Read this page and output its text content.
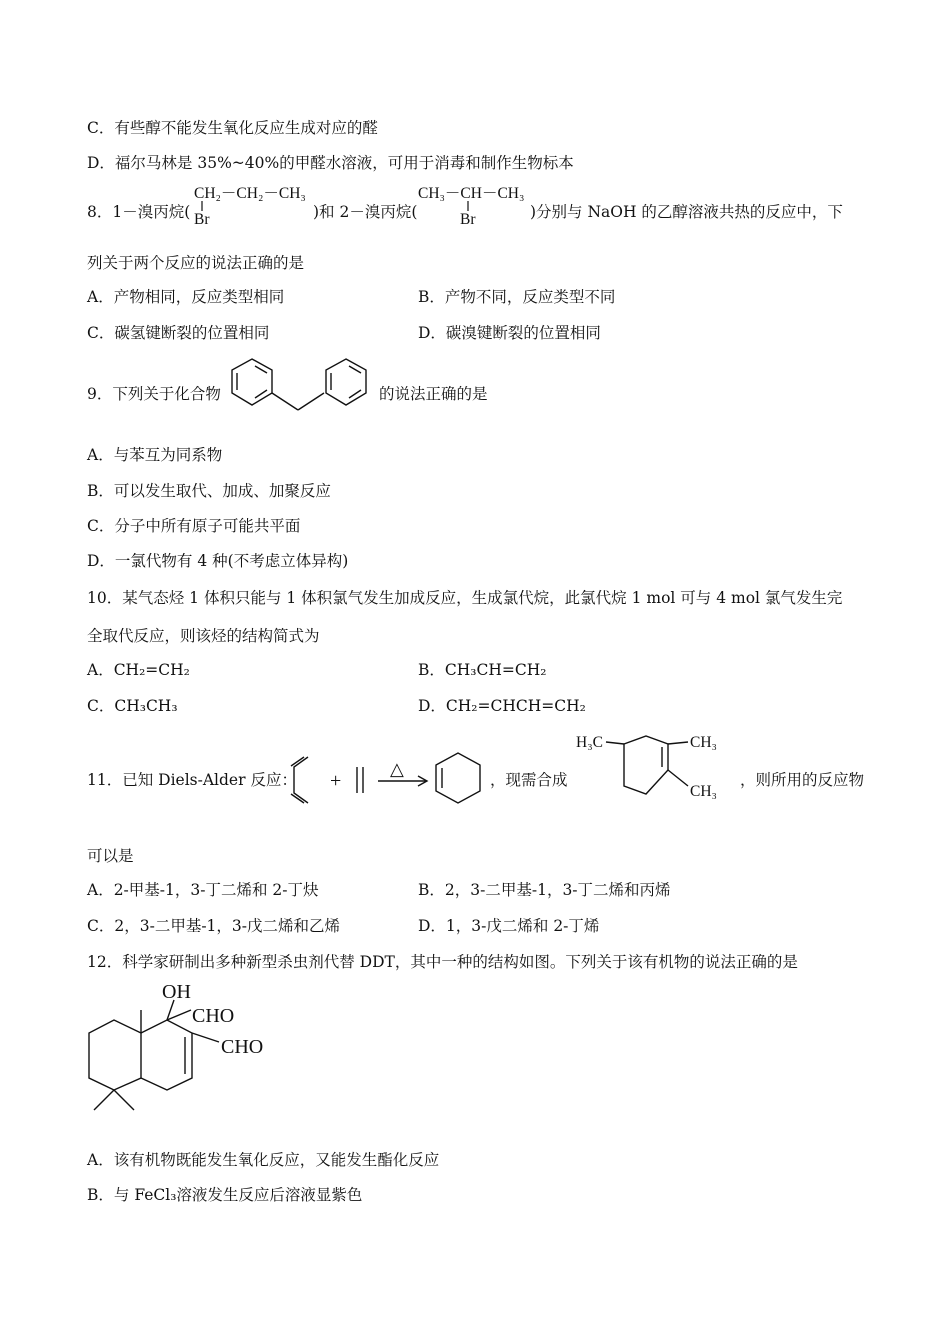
C．有些醇不能发生氧化反应生成对应的醛
D．福尔马林是 35%~40%的甲醛水溶液，可用于消毒和制作生物标本
8．1－溴丙烷(
CH₂－CH₂－CH₃
Br	)和 2－溴丙烷(
CH₃－CH－CH₃
Br	)分别与 NaOH 的乙醇溶液共热的反应中，下
列关于两个反应的说法正确的是
A．产物相同，反应类型相同	B．产物不同，反应类型不同
C．碳氢键断裂的位置相同	D．碳溴键断裂的位置相同
9．下列关于化合物	的说法正确的是
A．与苯互为同系物
B．可以发生取代、加成、加聚反应
C．分子中所有原子可能共平面
D．一氯代物有 4 种(不考虑立体异构)
10．某气态烃 1 体积只能与 1 体积氯气发生加成反应，生成氯代烷，此氯代烷 1 mol 可与 4 mol 氯气发生完
全取代反应，则该烃的结构简式为
A．CH₂=CH₂	B．CH₃CH=CH₂
C．CH₃CH₃	D．CH₂=CHCH=CH₂
11．已知 Diels-Alder 反应： +
△
，现需合成
H₃C	CH₃
CH₃
，则所用的反应物
可以是
A．2-甲基-1，3-丁二烯和 2-丁炔	B．2，3-二甲基-1，3-丁二烯和丙烯
C．2，3-二甲基-1，3-戊二烯和乙烯	D．1，3-戊二烯和 2-丁烯
12．科学家研制出多种新型杀虫剂代替 DDT，其中一种的结构如图。下列关于该有机物的说法正确的是
OH
CHO
CHO
A．该有机物既能发生氧化反应，又能发生酯化反应
B．与 FeCl₃溶液发生反应后溶液显紫色
